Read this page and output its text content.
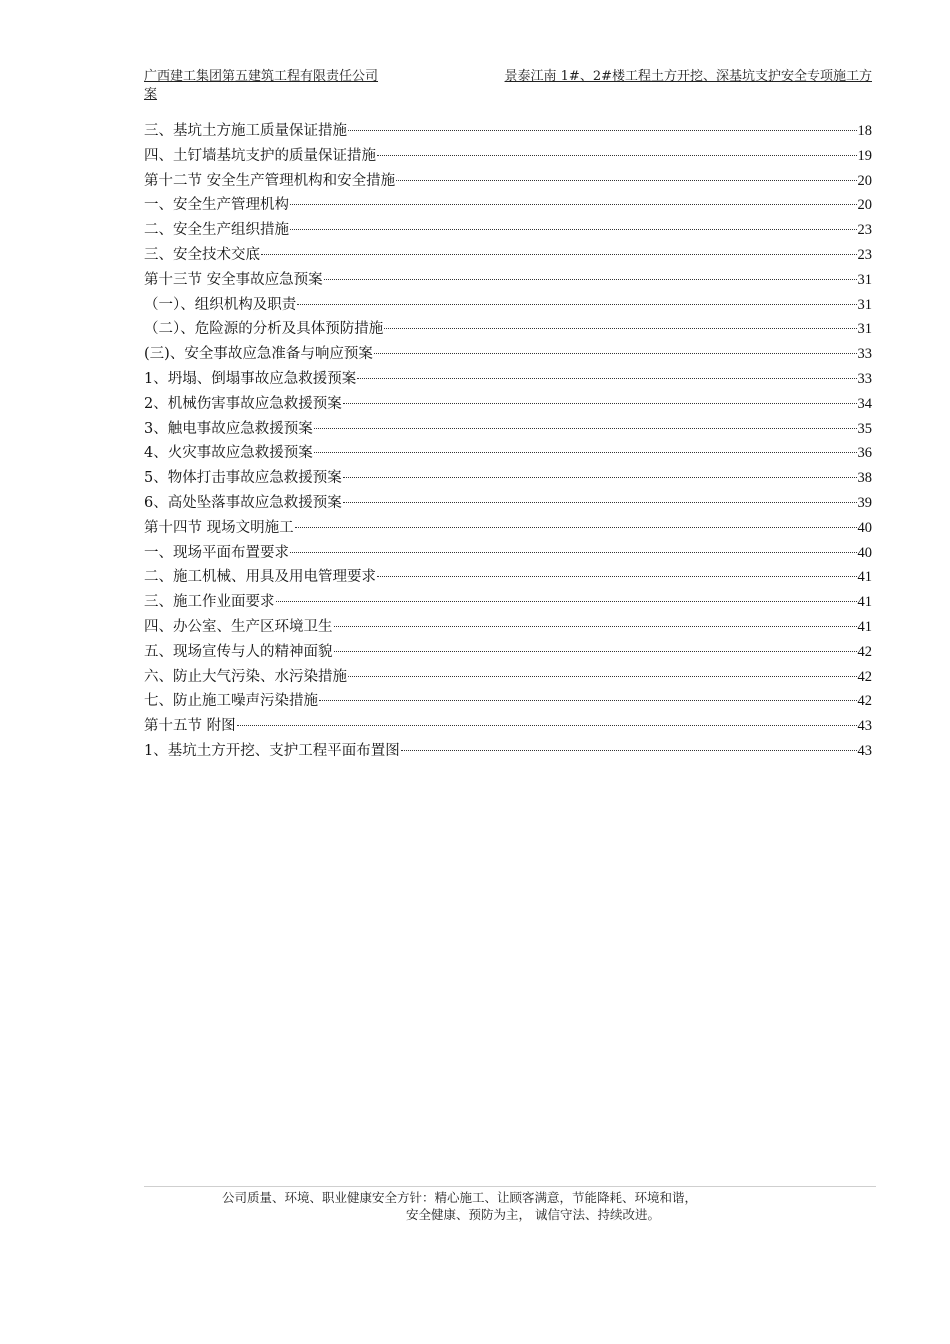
广西建工集团第五建筑工程有限责任公司	景泰江南 1#、2#楼工程土方开挖、深基坑支护安全专项施工方
案
三、基坑土方施工质量保证措施	18
四、土钉墙基坑支护的质量保证措施	19
第十二节 安全生产管理机构和安全措施	20
一、安全生产管理机构	20
二、安全生产组织措施	23
三、安全技术交底	23
第十三节 安全事故应急预案	31
（一）、组织机构及职责	31
（二）、危险源的分析及具体预防措施	31
(三)、安全事故应急准备与响应预案	33
1、坍塌、倒塌事故应急救援预案	33
2、机械伤害事故应急救援预案	34
3、触电事故应急救援预案	35
4、火灾事故应急救援预案	36
5、物体打击事故应急救援预案	38
6、高处坠落事故应急救援预案	39
第十四节 现场文明施工	40
一、现场平面布置要求	40
二、施工机械、用具及用电管理要求	41
三、施工作业面要求	41
四、办公室、生产区环境卫生	41
五、现场宣传与人的精神面貌	42
六、防止大气污染、水污染措施	42
七、防止施工噪声污染措施	42
第十五节 附图	43
1、基坑土方开挖、支护工程平面布置图	43
公司质量、环境、职业健康安全方针：精心施工、让顾客满意，节能降耗、环境和谐，
安全健康、预防为主， 诚信守法、持续改进。
